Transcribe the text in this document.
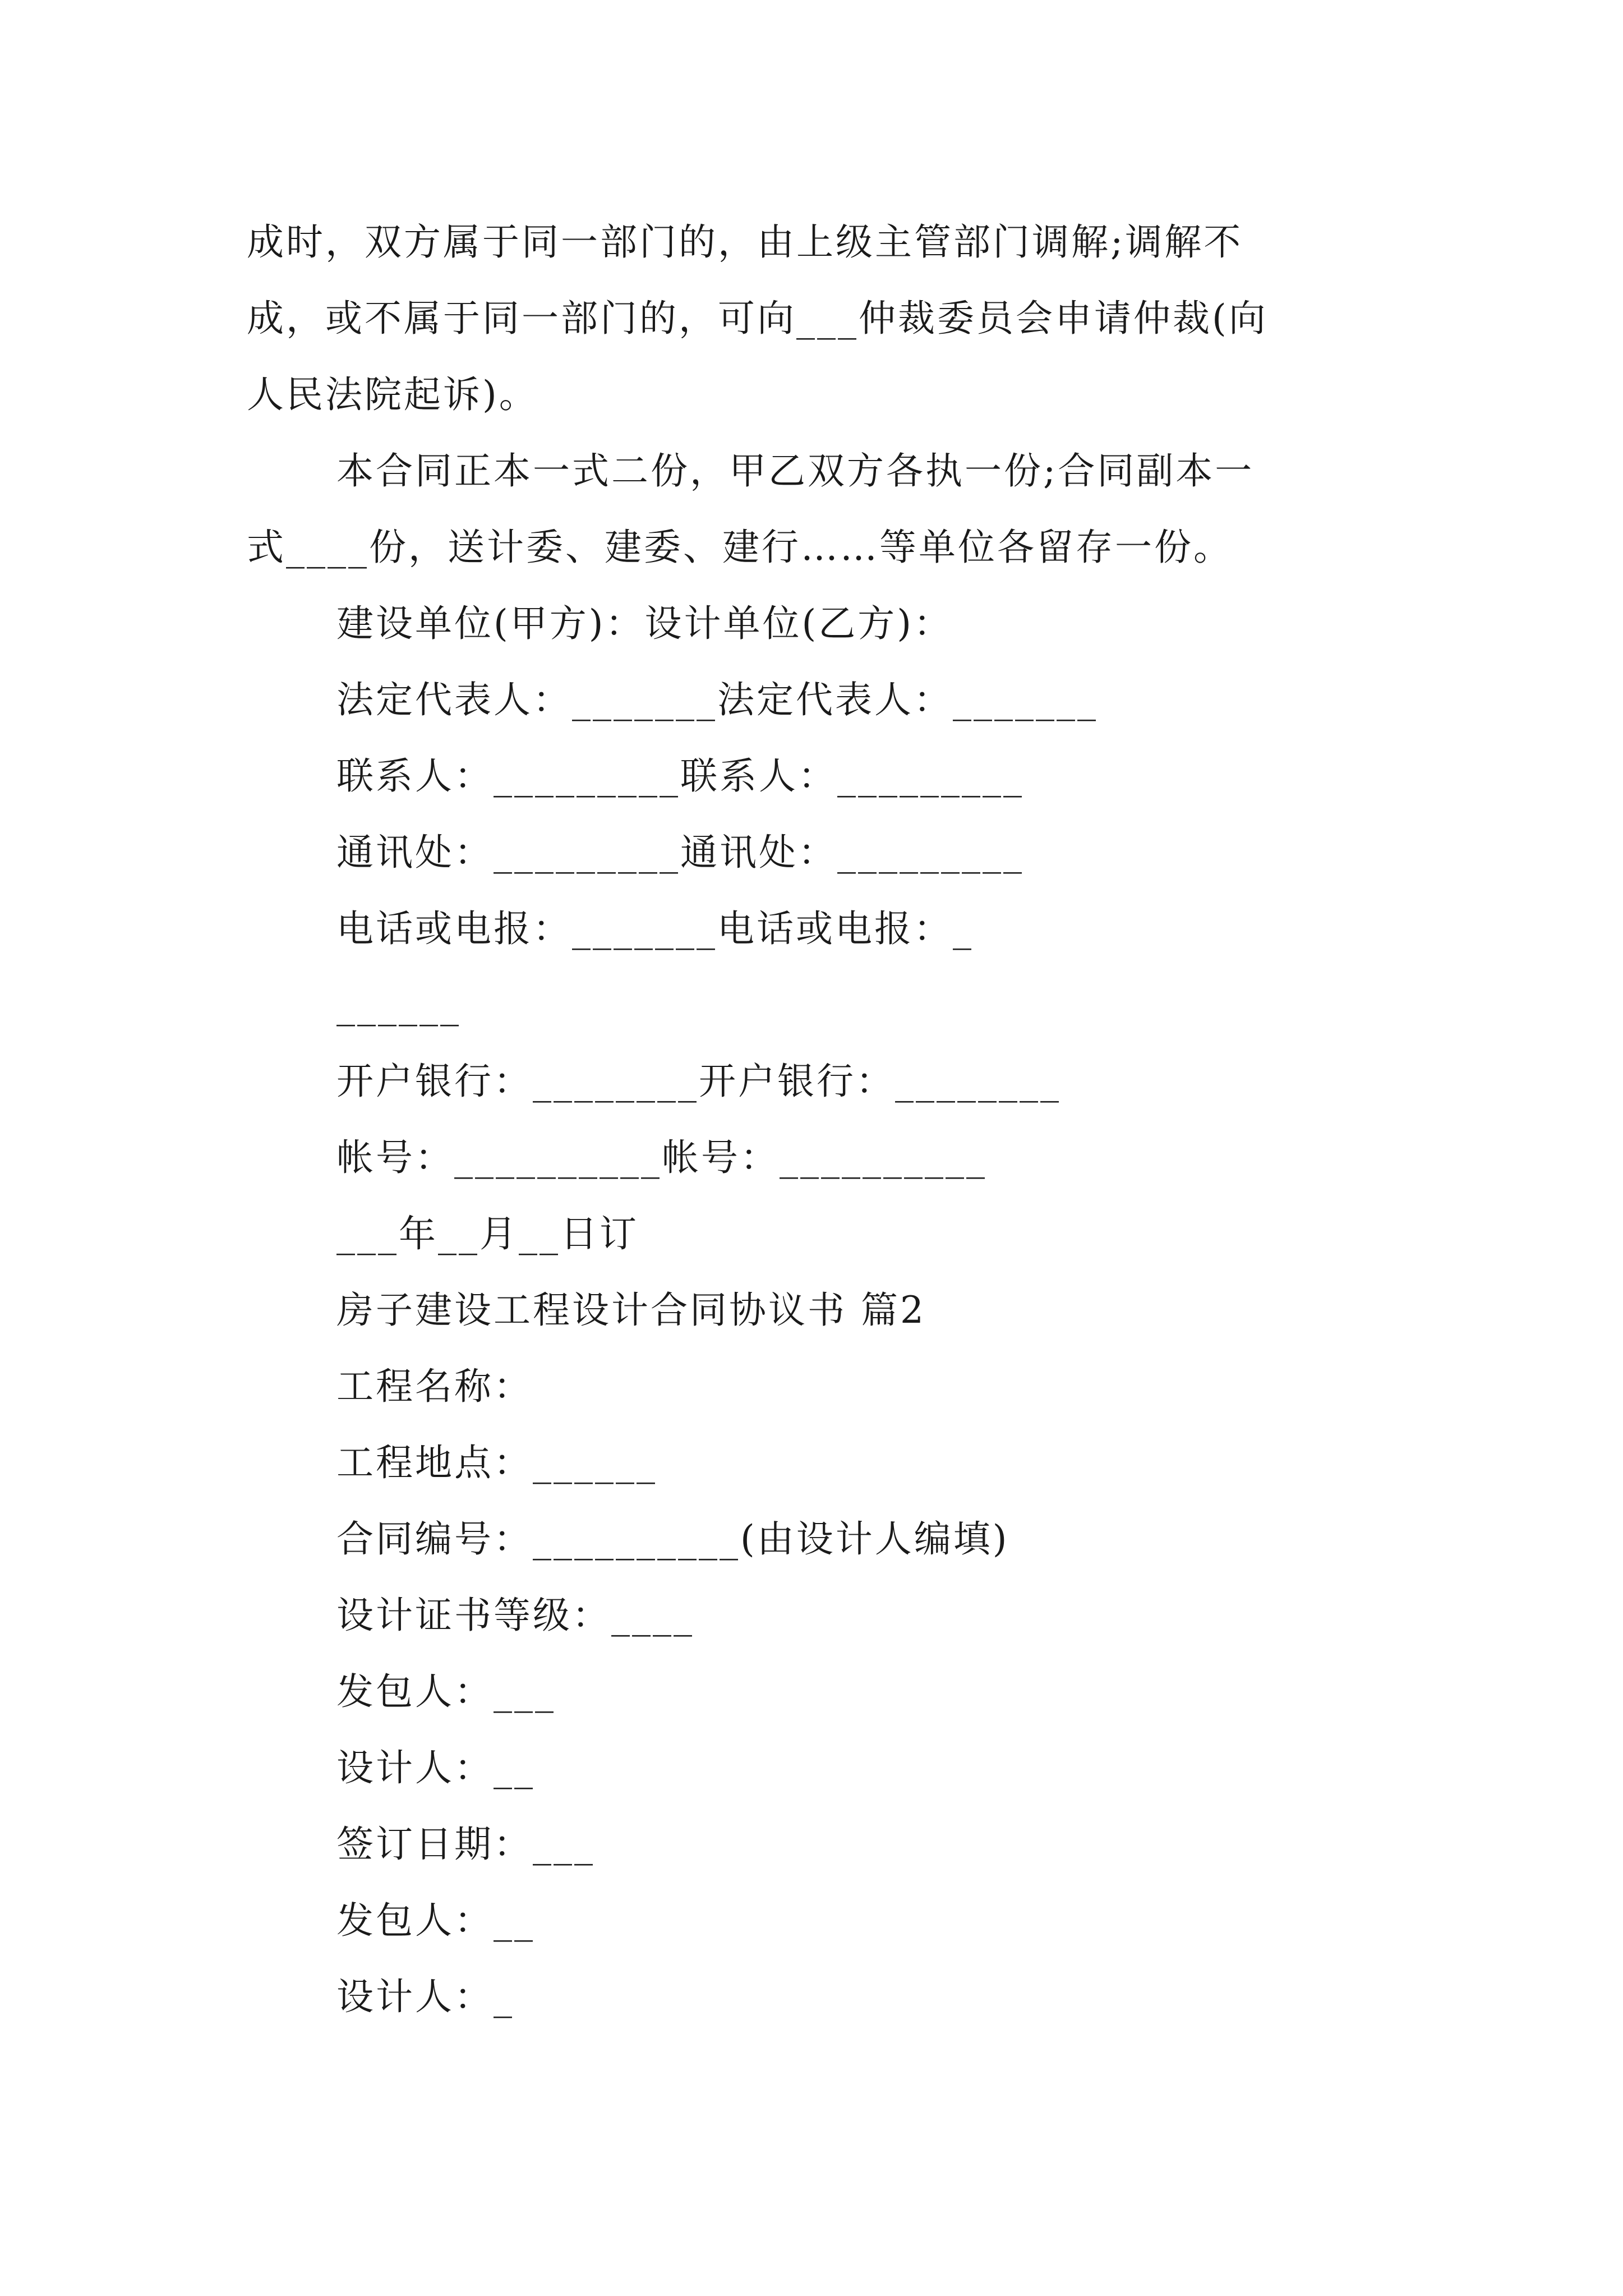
成时，双方属于同一部门的，由上级主管部门调解;调解不
成，或不属于同一部门的，可向___仲裁委员会申请仲裁(向
人民法院起诉)。
本合同正本一式二份，甲乙双方各执一份;合同副本一
式____份，送计委、建委、建行……等单位各留存一份。
建设单位(甲方)：设计单位(乙方)：
法定代表人：_______法定代表人：_______
联系人：_________联系人：_________
通讯处：_________通讯处：_________
电话或电报：_______电话或电报：_
______
开户银行：________开户银行：________
帐号：__________帐号：__________
___年__月__日订
房子建设工程设计合同协议书 篇2
工程名称：
工程地点：______
合同编号：__________(由设计人编填)
设计证书等级：____
发包人：___
设计人：__
签订日期：___
发包人：__
设计人：_
